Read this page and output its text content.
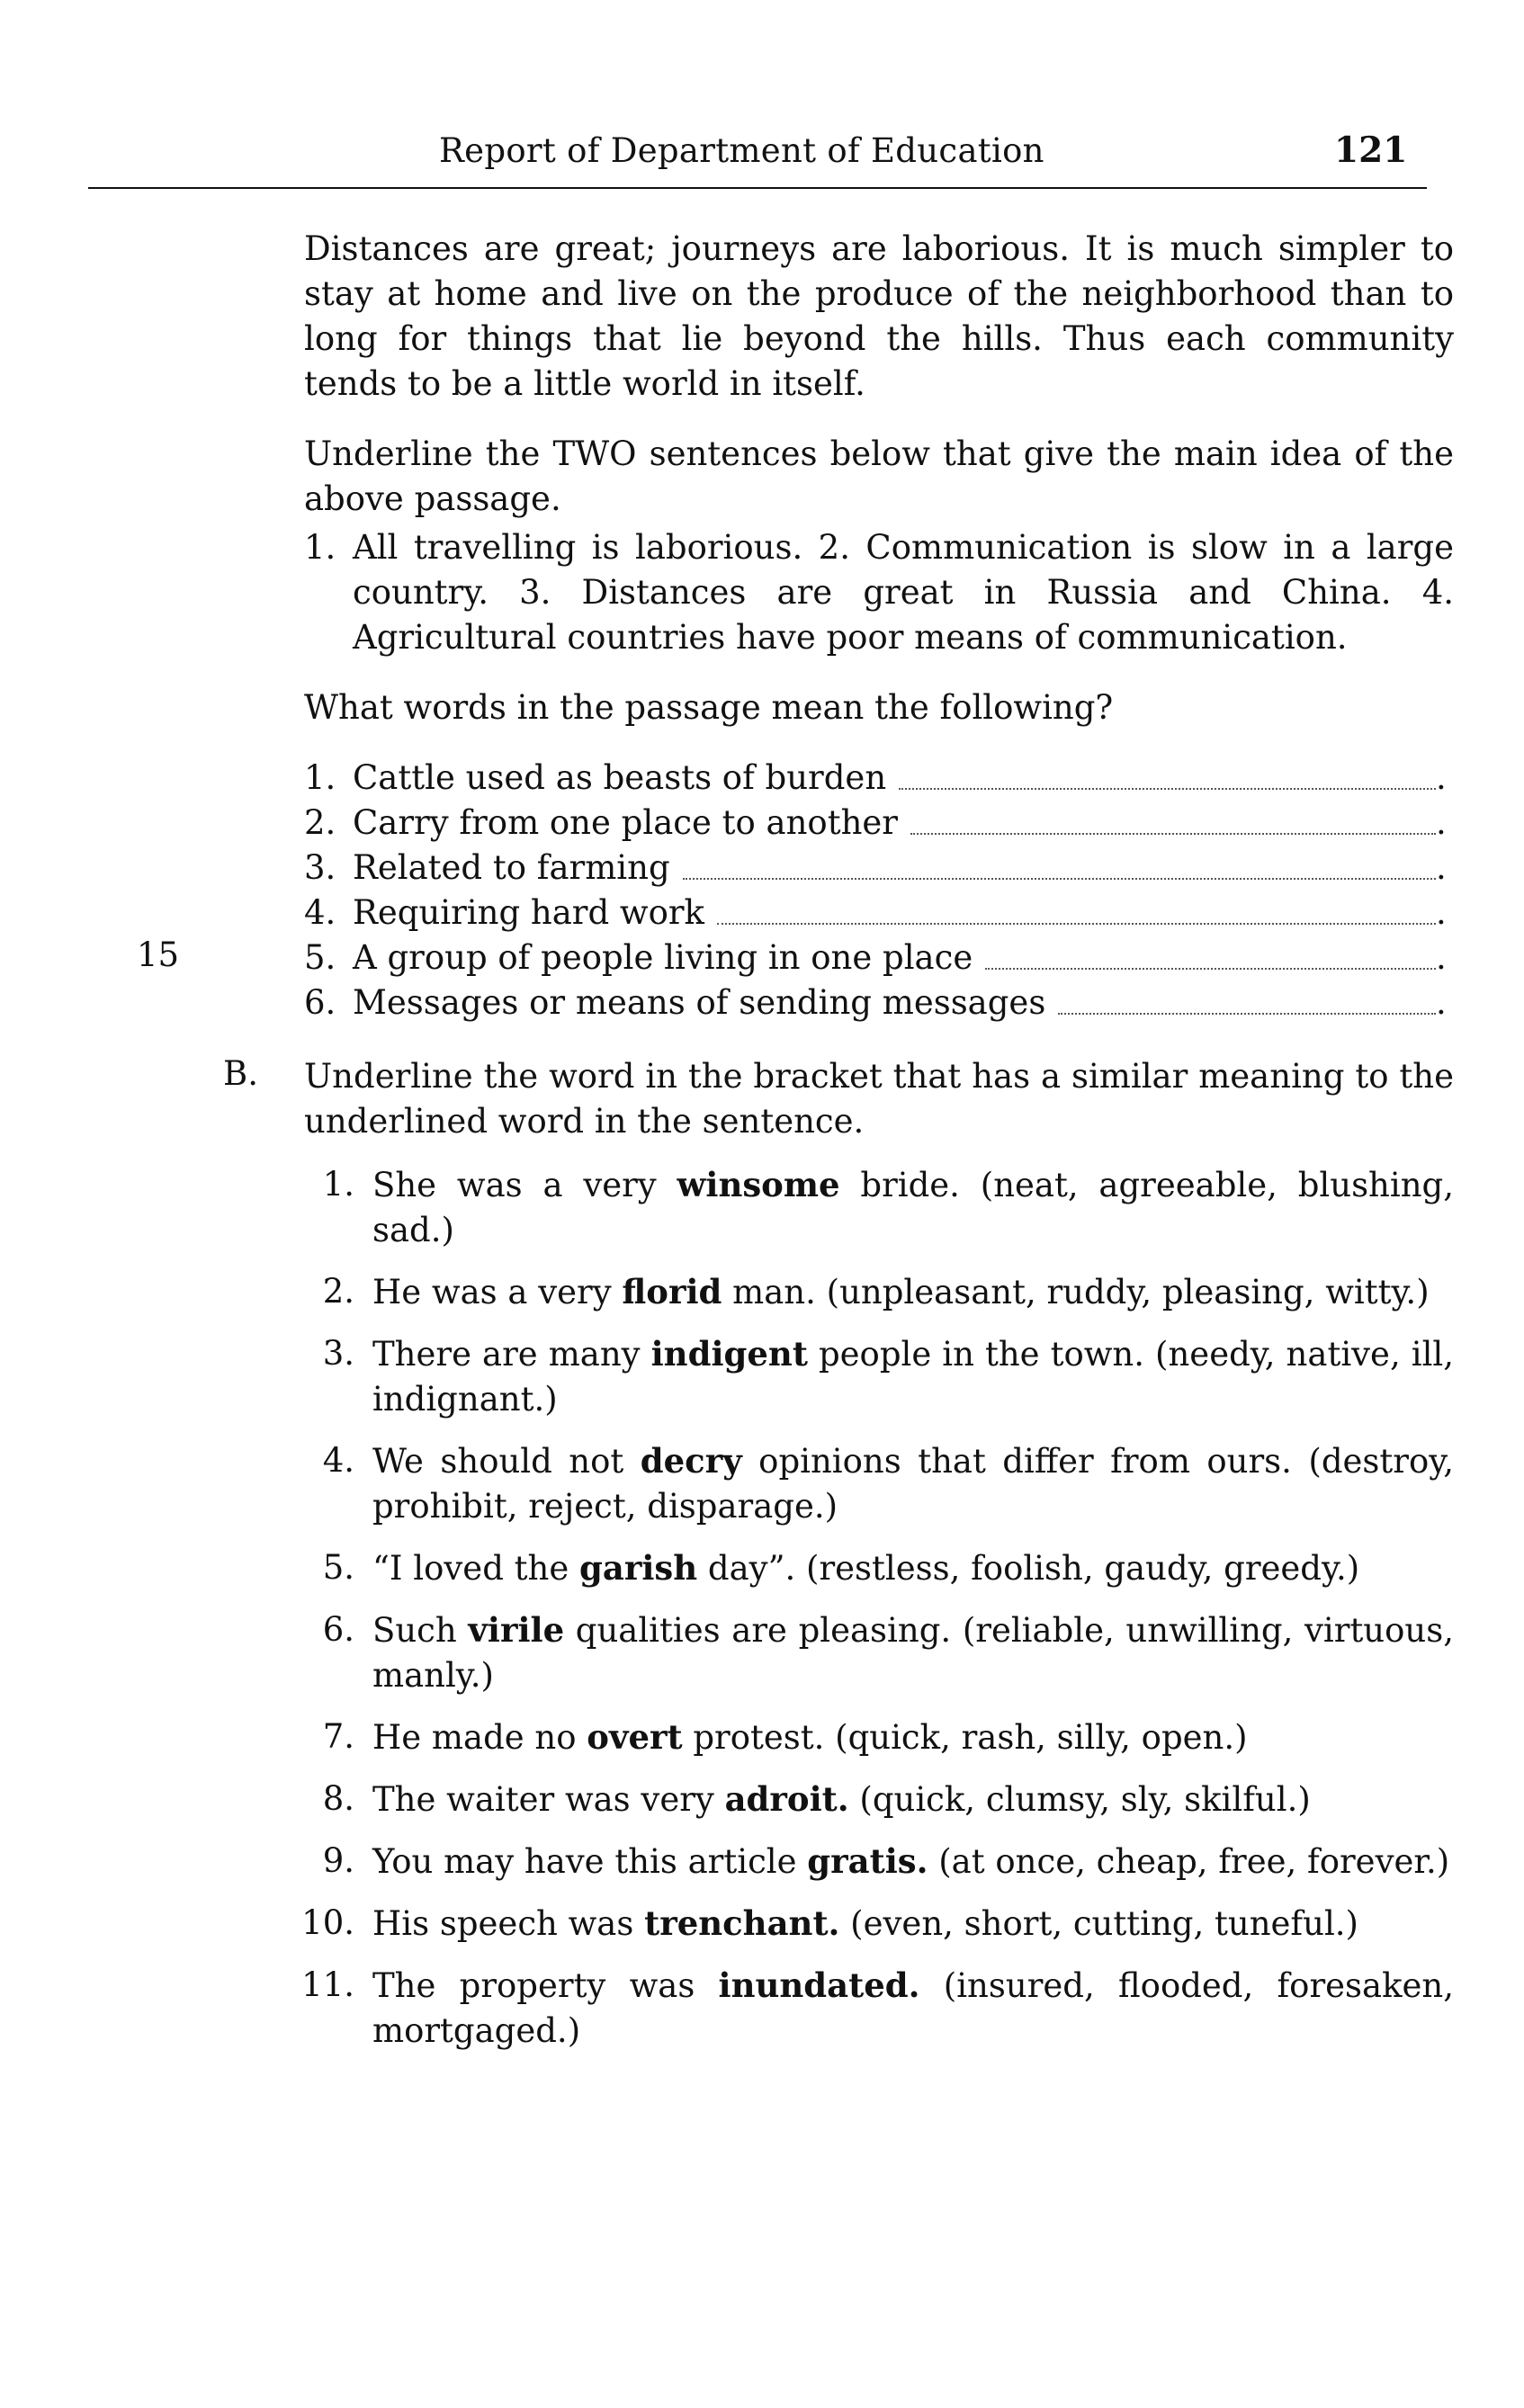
Report of Department of Education	121

Distances are great; journeys are laborious. It is much simpler to stay at home and live on the produce of the neighborhood than to long for things that lie beyond the hills. Thus each community tends to be a little world in itself.

Underline the TWO sentences below that give the main idea of the above passage.

1. All travelling is laborious. 2. Communication is slow in a large country. 3. Distances are great in Russia and China. 4. Agricultural countries have poor means of communication.

What words in the passage mean the following?

1. Cattle used as beasts of burden	.
2. Carry from one place to another	.
3. Related to farming	.
4. Requiring hard work	.
5. A group of people living in one place	.
6. Messages or means of sending messages	.
15
B. Underline the word in the bracket that has a similar meaning to the underlined word in the sentence.

1. She was a very winsome bride. (neat, agreeable, blushing, sad.)
2. He was a very florid man. (unpleasant, ruddy, pleasing, witty.)
3. There are many indigent people in the town. (needy, native, ill, indignant.)
4. We should not decry opinions that differ from ours. (destroy, prohibit, reject, disparage.)
5. “I loved the garish day”. (restless, foolish, gaudy, greedy.)
6. Such virile qualities are pleasing. (reliable, unwilling, virtuous, manly.)
7. He made no overt protest. (quick, rash, silly, open.)
8. The waiter was very adroit. (quick, clumsy, sly, skilful.)
9. You may have this article gratis. (at once, cheap, free, forever.)
10. His speech was trenchant. (even, short, cutting, tuneful.)
11. The property was inundated. (insured, flooded, foresaken, mortgaged.)
